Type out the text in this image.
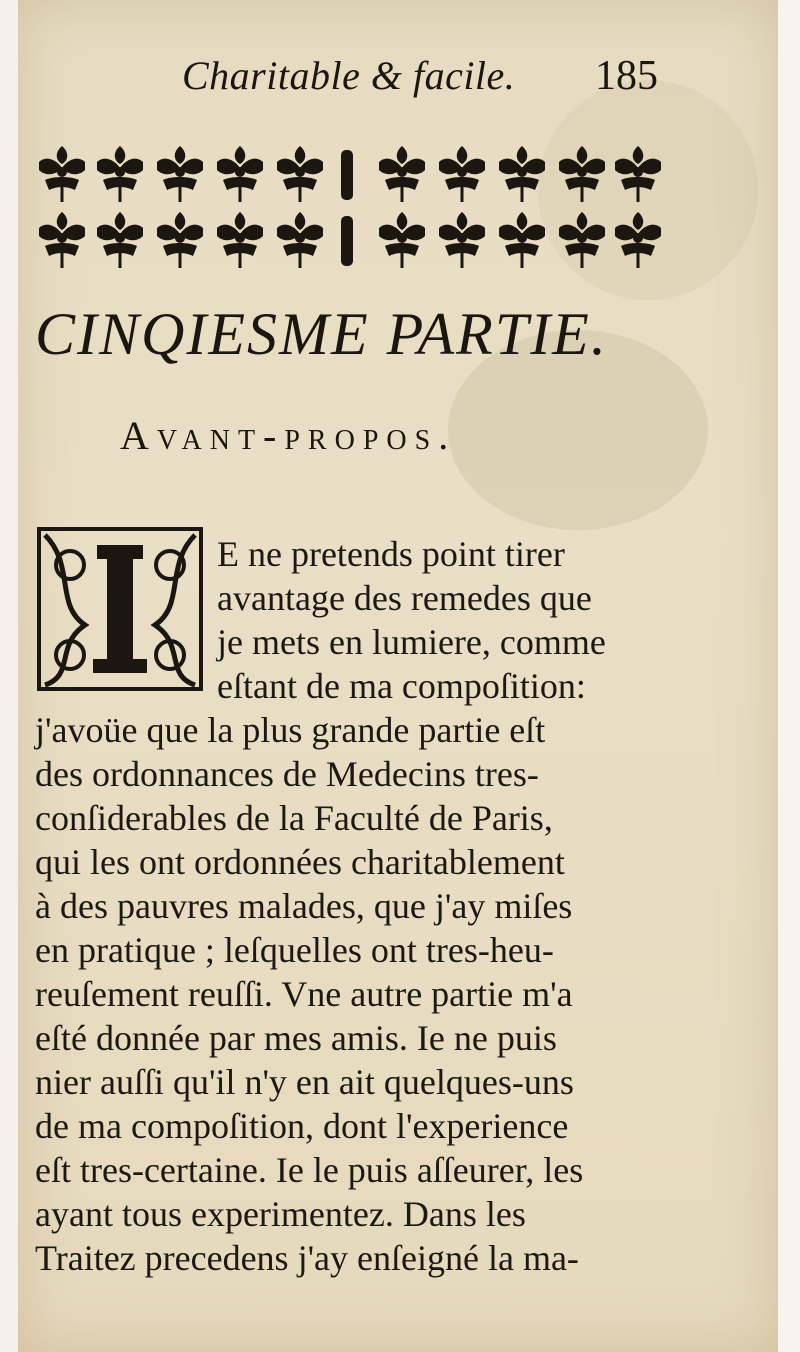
Charitable & facile. 185
CINQIESME PARTIE.
Avant-propos.
E ne pretends point tirer
avantage des remedes que
je mets en lumiere, comme
eſtant de ma compoſition:
j'avoüe que la plus grande partie eſt
des ordonnances de Medecins tres-
conſiderables de la Faculté de Paris,
qui les ont ordonnées charitablement
à des pauvres malades, que j'ay miſes
en pratique ; leſquelles ont tres-heu-
reuſement reuſſi. Vne autre partie m'a
eſté donnée par mes amis. Ie ne puis
nier auſſi qu'il n'y en ait quelques-uns
de ma compoſition, dont l'experience
eſt tres-certaine. Ie le puis aſſeurer, les
ayant tous experimentez. Dans les
Traitez precedens j'ay enſeigné la ma-
